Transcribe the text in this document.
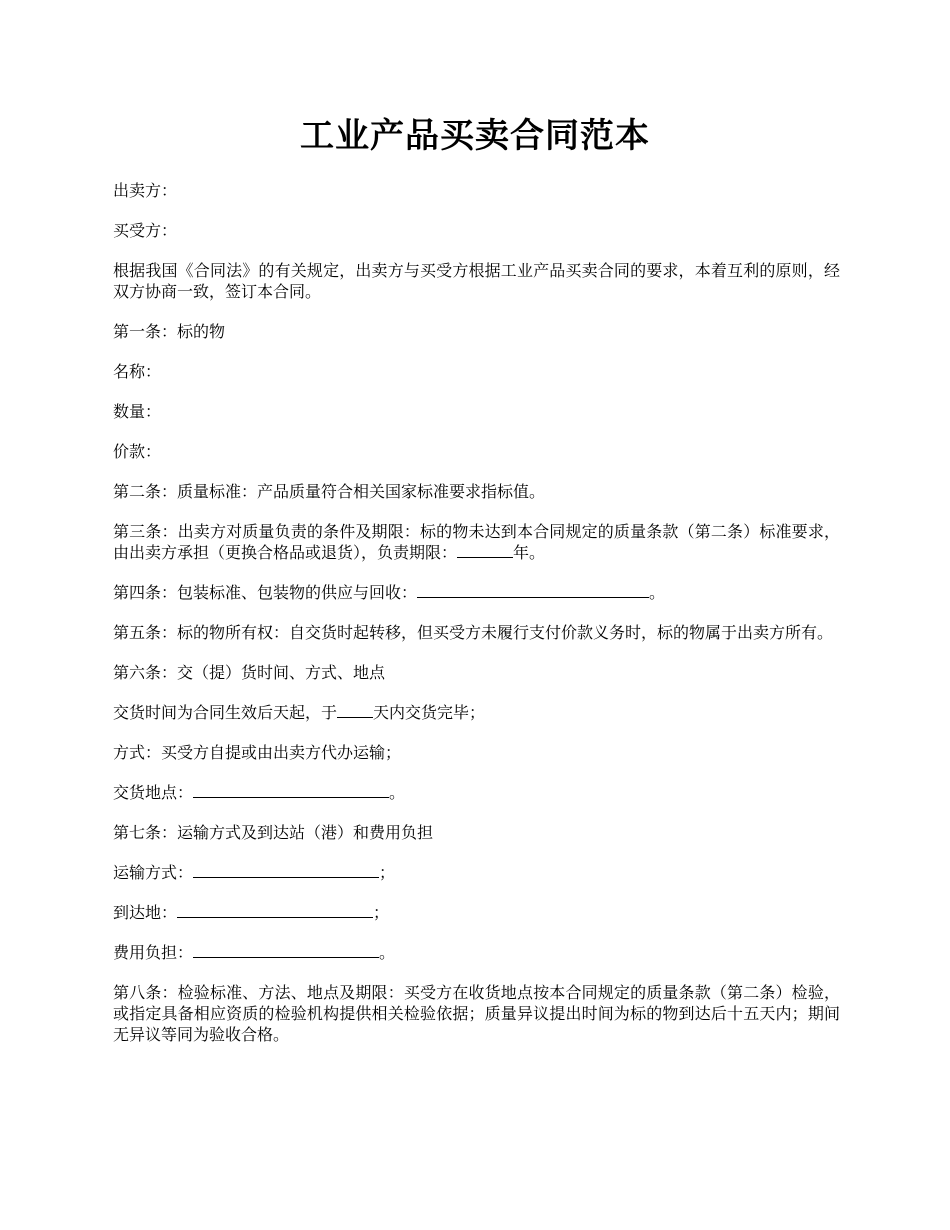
工业产品买卖合同范本

出卖方：

买受方：

根据我国《合同法》的有关规定，出卖方与买受方根据工业产品买卖合同的要求，本着互利的原则，经双方协商一致，签订本合同。

第一条：标的物

名称：

数量：

价款：

第二条：质量标准：产品质量符合相关国家标准要求指标值。

第三条：出卖方对质量负责的条件及期限：标的物未达到本合同规定的质量条款（第二条）标准要求，由出卖方承担（更换合格品或退货），负责期限：	年。

第四条：包装标准、包装物的供应与回收：	。

第五条：标的物所有权：自交货时起转移，但买受方未履行支付价款义务时，标的物属于出卖方所有。

第六条：交（提）货时间、方式、地点

交货时间为合同生效后天起，于 天内交货完毕；

方式：买受方自提或由出卖方代办运输；

交货地点：	。

第七条：运输方式及到达站（港）和费用负担

运输方式：	；

到达地：	；

费用负担：	。

第八条：检验标准、方法、地点及期限：买受方在收货地点按本合同规定的质量条款（第二条）检验，或指定具备相应资质的检验机构提供相关检验依据；质量异议提出时间为标的物到达后十五天内；期间无异议等同为验收合格。
